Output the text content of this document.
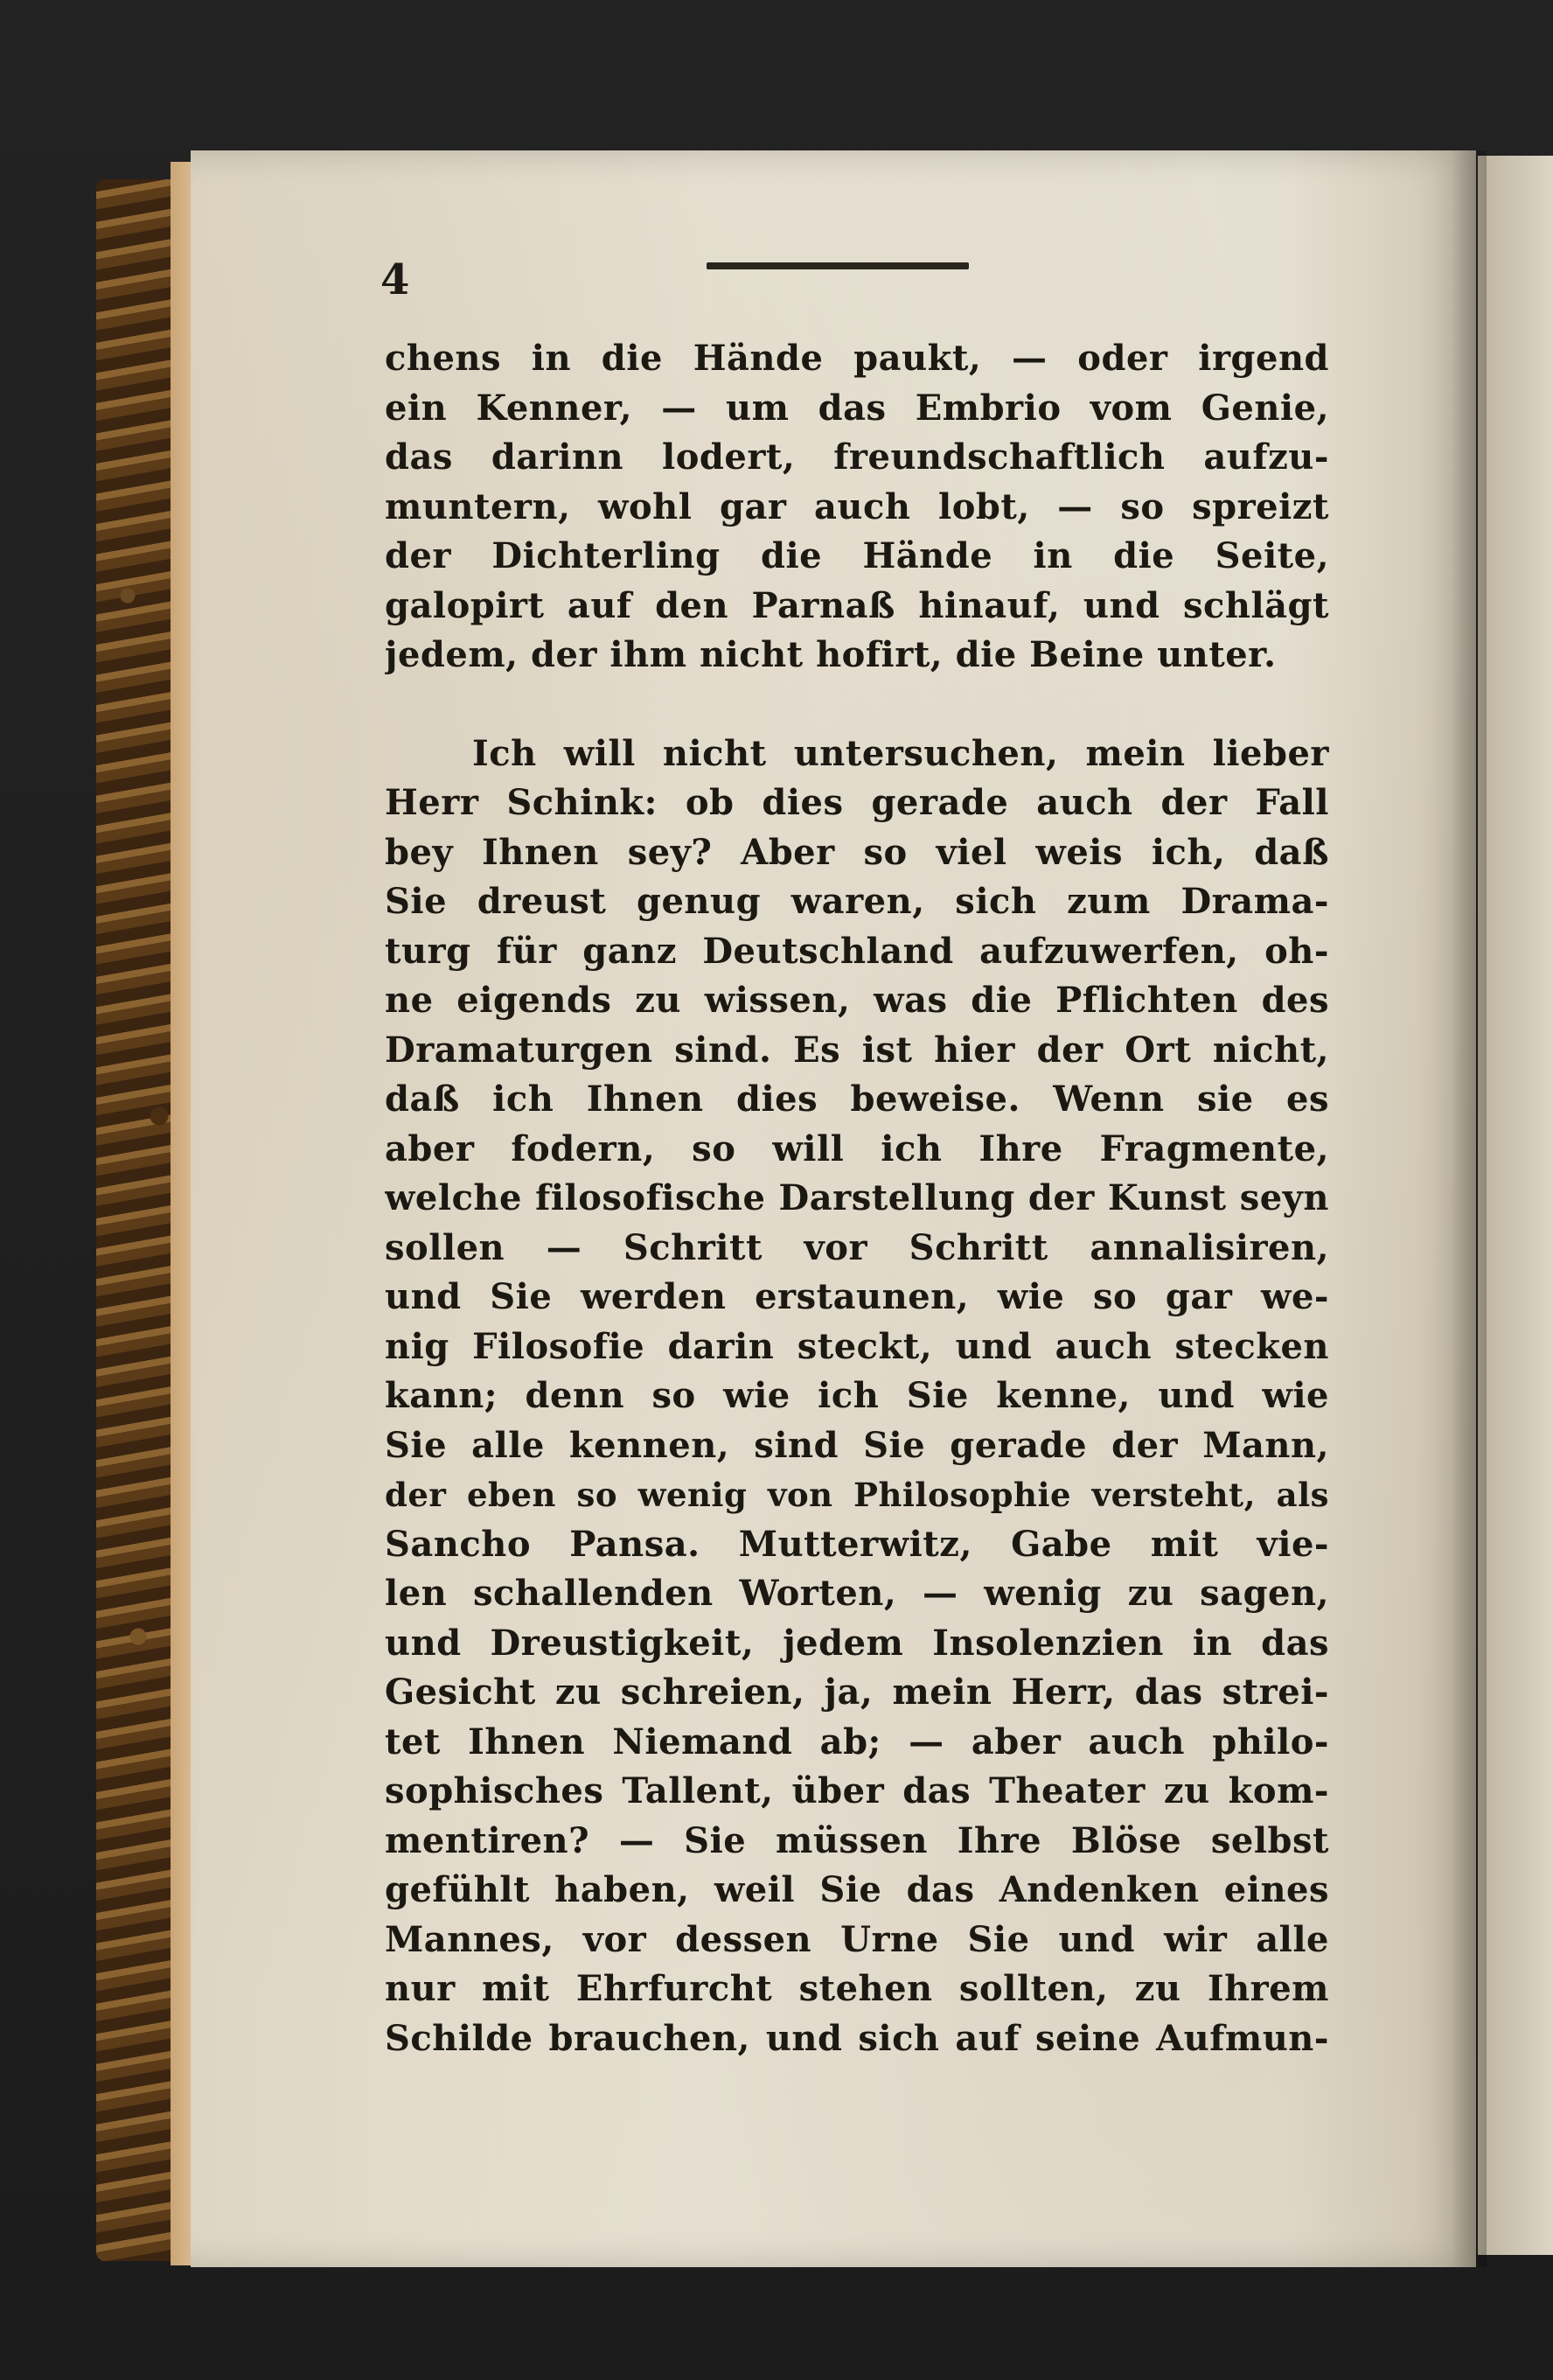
4
chens in die Hände paukt, — oder irgend
ein Kenner, — um das Embrio vom Genie,
das darinn lodert, freundschaftlich aufzu-
muntern, wohl gar auch lobt, — so spreizt
der Dichterling die Hände in die Seite,
galopirt auf den Parnaß hinauf, und schlägt
jedem, der ihm nicht hofirt, die Beine unter.
Ich will nicht untersuchen, mein lieber
Herr Schink: ob dies gerade auch der Fall
bey Ihnen sey? Aber so viel weis ich, daß
Sie dreust genug waren, sich zum Drama-
turg für ganz Deutschland aufzuwerfen, oh-
ne eigends zu wissen, was die Pflichten des
Dramaturgen sind. Es ist hier der Ort nicht,
daß ich Ihnen dies beweise. Wenn sie es
aber fodern, so will ich Ihre Fragmente,
welche filosofische Darstellung der Kunst seyn
sollen — Schritt vor Schritt annalisiren,
und Sie werden erstaunen, wie so gar we-
nig Filosofie darin steckt, und auch stecken
kann; denn so wie ich Sie kenne, und wie
Sie alle kennen, sind Sie gerade der Mann,
der eben so wenig von Philosophie versteht, als
Sancho Pansa. Mutterwitz, Gabe mit vie-
len schallenden Worten, — wenig zu sagen,
und Dreustigkeit, jedem Insolenzien in das
Gesicht zu schreien, ja, mein Herr, das strei-
tet Ihnen Niemand ab; — aber auch philo-
sophisches Tallent, über das Theater zu kom-
mentiren? — Sie müssen Ihre Blöse selbst
gefühlt haben, weil Sie das Andenken eines
Mannes, vor dessen Urne Sie und wir alle
nur mit Ehrfurcht stehen sollten, zu Ihrem
Schilde brauchen, und sich auf seine Aufmun-
